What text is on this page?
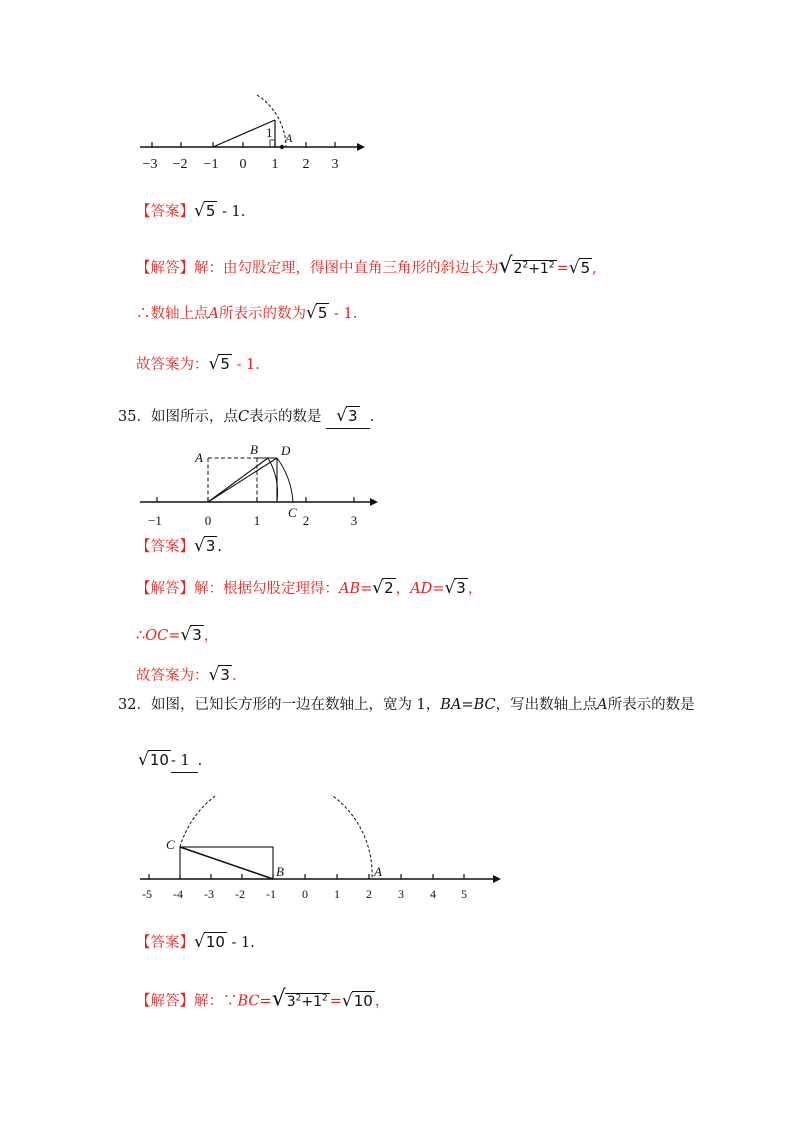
1 A
−3 −2 −1 0 1 2 3
【答案】√5 - 1.
【解答】解：由勾股定理，得图中直角三角形的斜边长为$√2^2+1^2 =√5$ ,
∴数轴上点A所表示的数为√5 - 1.
故答案为：√5 - 1.
35．如图所示，点C表示的数是 √3 .
A
B D
C
−1	0	1	2	3
【答案】√3 .
【解答】解：根据勾股定理得：AB=√2 ，AD=√3 ，
∴OC=√3 ，
故答案为：√3 .
32．如图，已知长方形的一边在数轴上，宽为 1，BA=BC，写出数轴上点A所表示的数是
√10- 1 .
C
B	A
-5 -4 -3 -2 -1 0 1 2 3 4 5
【答案】√10 - 1.
【解答】解：$\because BC=√3^2+1^2 =√10$ ，
